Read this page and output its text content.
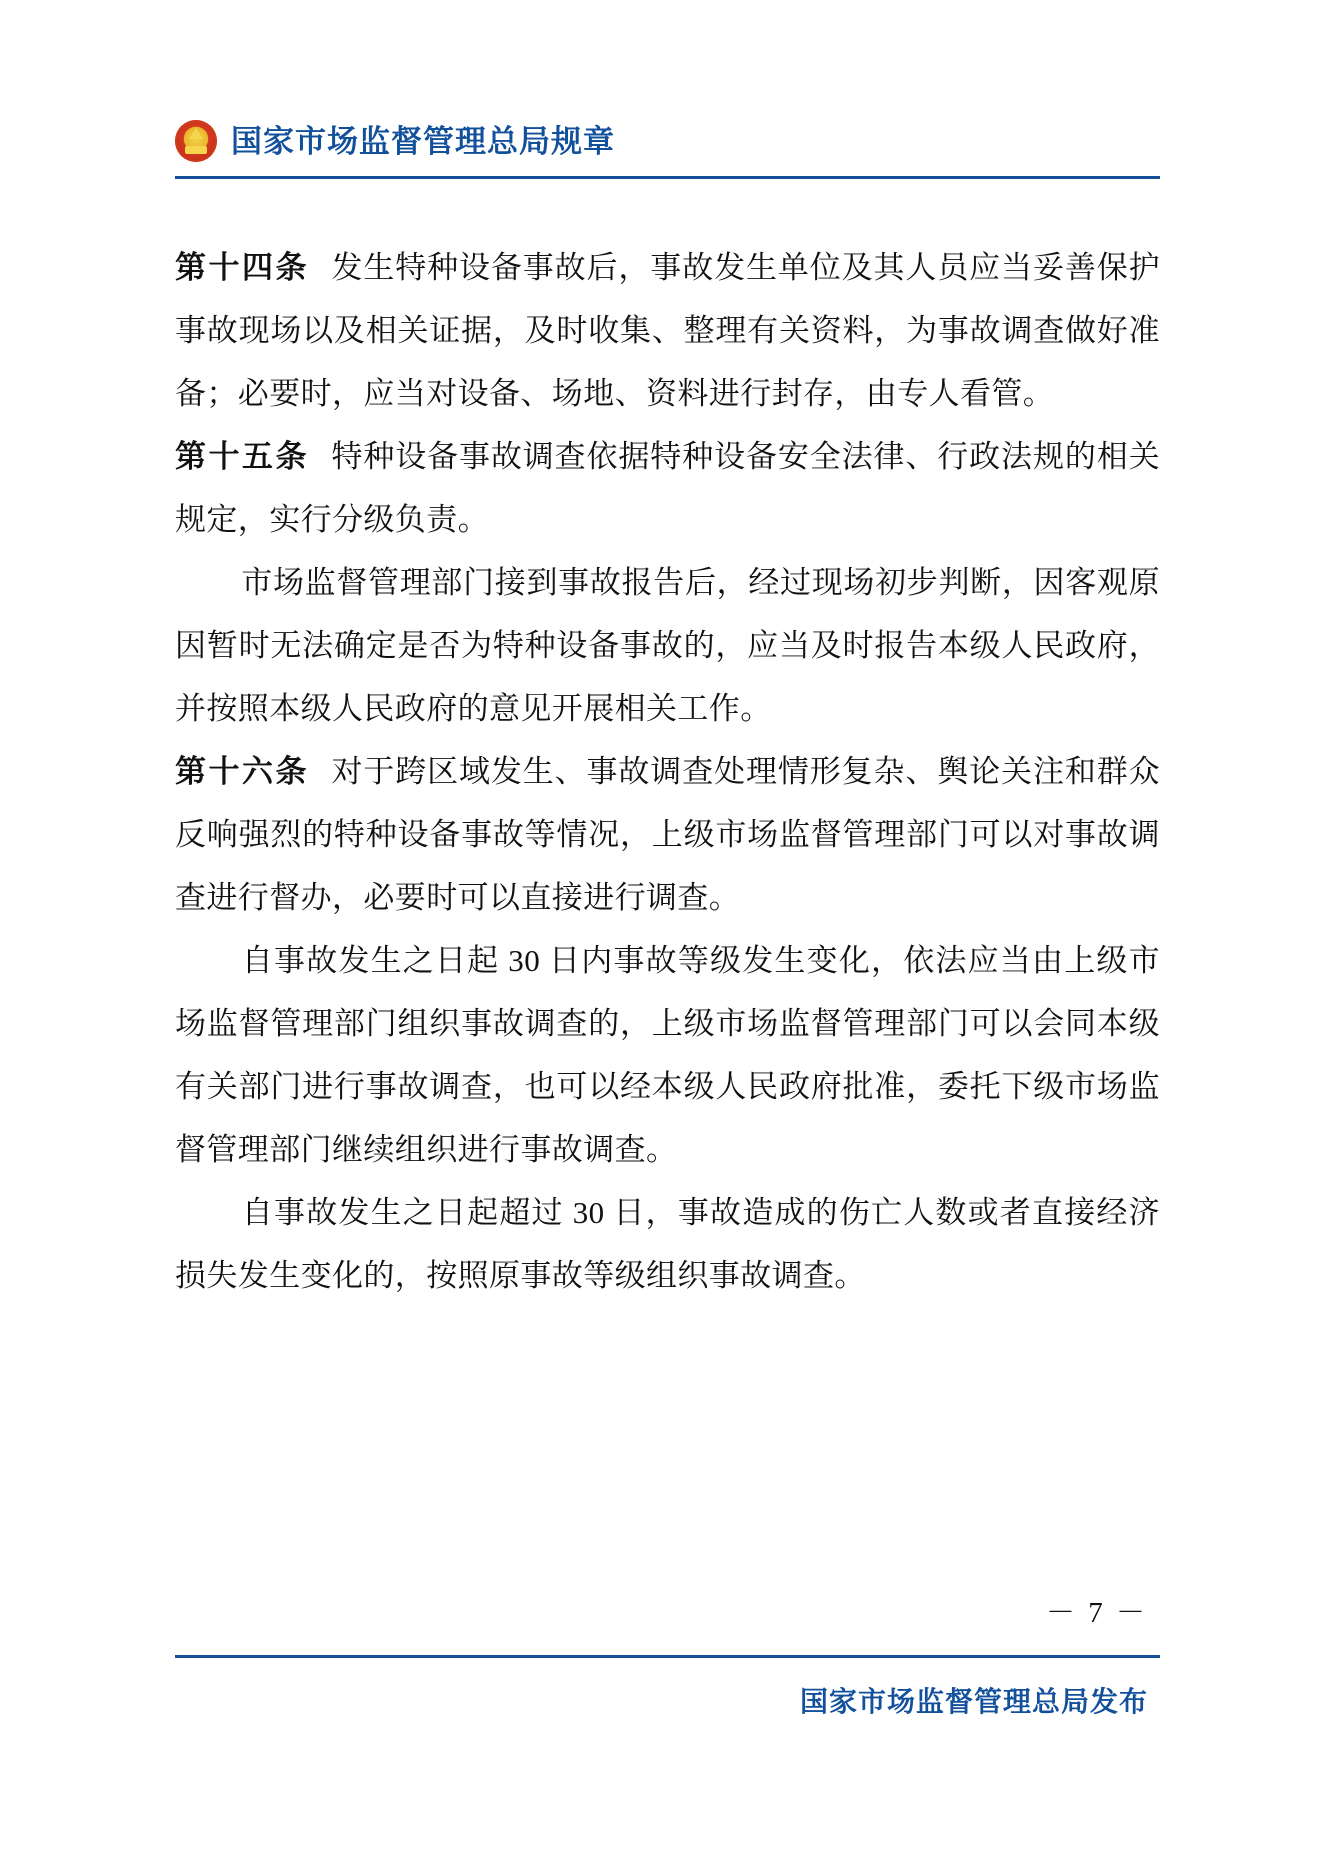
国家市场监督管理总局规章

第十四条 发生特种设备事故后，事故发生单位及其人员应当妥善保护事故现场以及相关证据，及时收集、整理有关资料，为事故调查做好准备；必要时，应当对设备、场地、资料进行封存，由专人看管。

第十五条 特种设备事故调查依据特种设备安全法律、行政法规的相关规定，实行分级负责。

市场监督管理部门接到事故报告后，经过现场初步判断，因客观原因暂时无法确定是否为特种设备事故的，应当及时报告本级人民政府，并按照本级人民政府的意见开展相关工作。

第十六条 对于跨区域发生、事故调查处理情形复杂、舆论关注和群众反响强烈的特种设备事故等情况，上级市场监督管理部门可以对事故调查进行督办，必要时可以直接进行调查。

自事故发生之日起 30 日内事故等级发生变化，依法应当由上级市场监督管理部门组织事故调查的，上级市场监督管理部门可以会同本级有关部门进行事故调查，也可以经本级人民政府批准，委托下级市场监督管理部门继续组织进行事故调查。

自事故发生之日起超过 30 日，事故造成的伤亡人数或者直接经济损失发生变化的，按照原事故等级组织事故调查。

－ 7 －
国家市场监督管理总局发布
